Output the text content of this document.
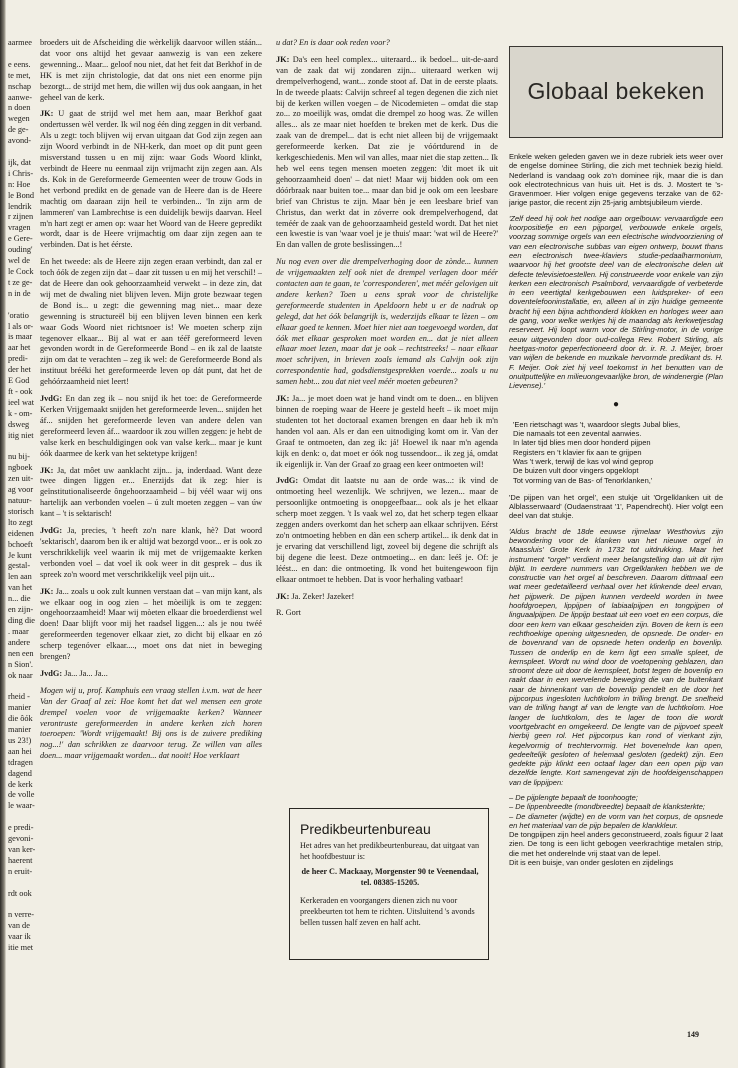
aarmee
e eens.
te met,
nschap
aanwe-
n doen
wegen
de ge-
avond-
ijk, dat
i Chris-
n: Hoe
le Bond
lendrik
r zijnen
vragen
e Gere-
ouding'
wel de
le Cock
t ze ge-
n in de
'oratio
l als or-
is maar
aar het
predi-
der het
E God
ft - ook
ieel wat
k - om-
dsweg
itig niet
nu bij-
ngboek
zen uit-
ag voor
natuur-
storisch
lto zegt
eidenen
bchoeft
Je kunt
gestal-
len aan
van het
n... die
en zijn-
ding die
. maar
andere
nen een
n Sion'.
ok naar
rheid -
manier
die ôók
manier
us 23!)
aan hei
tdragen
dagend
de kerk
de volle
le waar-
e predi-
gevoni-
van ker-
haerent
n eruit-
rdt ook
n verre-
van de
vaar ik
itie met

broeders uit de Afscheiding die wèrkelijk daarvoor willen stáán... dat voor ons altijd het gevaar aanwezig is van een zekere gewenning... Maar... geloof nou niet, dat het feit dat Berkhof in de HK is met zijn christologie, dat dat ons niet een enorme pijn bezorgt... de strijd met hem, die willen wij dus ook aangaan, in het geheel van de kerk.

JK: U gaat de strijd wel met hem aan, maar Berkhof gaat ondertussen wèl verder. Ik wil nog één ding zeggen in dit verband. Als u zegt: toch blijven wij ervan uitgaan dat God zijn zegen aan zijn Woord verbindt in de NH-kerk, dan moet op dit punt geen misverstand tussen u en mij zijn: waar Gods Woord klinkt, verbindt de Heere nu eenmaal zijn vrijmacht zijn zegen aan. Als ds. Kok in de Gereformeerde Gemeenten weer de trouw Gods in het verbond predikt en de genade van de Heere dan is de Heere machtig om daaraan zijn heil te verbinden... 'In zijn arm de lammeren' van Lambrechtse is een duidelijk bewijs daarvan. Heel m'n hart zegt er amen op: waar het Woord van de Heere gepredikt wordt, daar is de Heere vrijmachtig om daar zijn zegen aan te verbinden. Dat is het éérste.

En het tweede: als de Heere zijn zegen eraan verbindt, dan zal er toch óók de zegen zijn dat – daar zit tussen u en mij het verschil! – dat de Heere dan ook gehoorzaamheid verwekt – in deze zin, dat wij met de dwaling niet blijven leven. Mijn grote bezwaar tegen de Bond is... u zegt: die gewenning mag niet... maar deze gewenning is structureël bij een blijven leven binnen een kerk waar Gods Woord niet richtsnoer is! We moeten scherp zijn tegenover elkaar... Bij al wat er aan tééř gereformeerd leven gevonden wordt in de Gereformeerde Bond – en ik zal de laatste zijn om dat te verachten – zeg ik wel: de Gereformeerde Bond als instituut brééki het gereformeerde leven op dát punt, dat het de gehóórzaamheid niet leert!

JvdG: En dan zeg ik – nou snijd ik het toe: de Gereformeerde Kerken Vrijgemaakt snijden het gereformeerde leven... snijden het áf... snijden het gereformeerde leven van andere delen van gereformeerd leven áf... waardoor ik zou willen zeggen: je hebt de valse kerk en beschuldigingen ook van valse kerk... maar je kunt óók daarmee de kerk van het sektetype krijgen!

JK: Ja, dat môet uw aanklacht zijn... ja, inderdaad. Want deze twee dingen liggen er... Enerzijds dat ik zeg: hier is geïnstitutionaliseerde ôngehoorzaamheid – bij véél waar wij ons hartelijk aan verbonden voelen – ú zult moeten zeggen – van úw kant – 't is sektarisch!

JvdG: Ja, precies, 't heeft zo'n nare klank, hè? Dat woord 'sektarisch', daarom ben ik er altijd wat bezorgd voor... er is ook zo verschrikkelijk veel waarin ik mij met de vrijgemaakte kerken verbonden voel – dat voel ik ook weer in dit gesprek – dus ik spreek zo'n woord met verschrikkelijk veel pijn uit...

JK: Ja... zoals u ook zult kunnen verstaan dat – van mijn kant, als we elkaar oog in oog zien – het mòeilijk is om te zeggen: ongehoorzaamheid! Maar wij mòeten elkaar die broederdienst wel doen! Daar blijft voor mij het raadsel liggen...: als je nou twéé gereformeerden tegenover elkaar ziet, zo dicht bij elkaar en zó scherp tegenóver elkaar...., moet ons dat niet in beweging brengen?

JvdG: Ja... Ja... Ja...

Mogen wij u, prof. Kamphuis een vraag stellen i.v.m. wat de heer Van der Graaf al zei: Hoe komt het dat wel mensen een grote drempel voelen voor de vrijgemaakte kerken? Wanneer verontruste gereformeerden in andere kerken zich horen toeroepen: 'Wordt vrijgemaakt! Bij ons is de zuivere prediking nog...!' dan schrikken ze daarvoor terug. Ze willen van alles doen... maar vrijgemaakt worden... dat nooit! Hoe verklaart

u dat? En is daar ook reden voor?

JK: Da's een heel complex... uiteraard... ik bedoel... uit-de-aard van de zaak dat wij zondaren zijn... uiteraard werken wij drempelverhogend, want... zonde stoot af. Dat in de eerste plaats. In de tweede plaats: Calvijn schreef al tegen degenen die zich niet bij de kerken willen voegen – de Nicodemieten – omdat die stap zo... zo moeilijk was, omdat die drempel zo hoog was. Ze willen alles... als ze maar niet hoefden te breken met de kerk. Dus die zaak van de drempel... dat is echt niet alleen bij de vrijgemaakt gereformeerde kerken. Dat zie je vóórtdurend in de kerkgeschiedenis. Men wil van alles, maar niet die stap zetten... Ik heb wel eens tegen mensen moeten zeggen: 'dit moet ik uit gehoorzaamheid doen' – dat niet! Maar wij bidden ook om een dóórbraak naar buiten toe... maar dan bid je ook om een leesbare brief van Christus te zijn. Maar bèn je een leesbare brief van Christus, dan werkt dat in zóverre ook drempelverhogend, dat teméér de zaak van de gehoorzaamheid gesteld wordt. Dat het niet een kwestie is van 'waar voel je je thuis' maar: 'wat wil de Heere?' En dan vallen de grote beslissingen...!

Nu nog even over die drempelverhoging door de zònde... kunnen de vrijgemaakten zelf ook niet de drempel verlagen door méér contacten aan te gaan, te 'corresponderen', met méér gelovigen uit andere kerken? Toen u eens sprak voor de christelijke gereformeerde studenten in Apeldoorn hebt u er de nadruk op gelegd, dat het óók belangrijk is, wederzijds elkaar te lèzen – om elkaar goed te kennen. Moet hier niet aan toegevoegd worden, dat óók met elkaar gesproken moet worden en... dat je niet alleen elkaar moet lezen, maar dat je ook – rechtstreeks! – naar elkaar moet schrijven, in brieven zoals iemand als Calvijn ook zijn correspondentie had, godsdienstgesprekken voerde... zoals u nu samen hebt... zou dat niet veel méér moeten gebeuren?

JK: Ja... je moet doen wat je hand vindt om te doen... en blijven binnen de roeping waar de Heere je gesteld heeft – ik moet mijn studenten tot het doctoraal examen brengen en daar heb ik m'n handen vol aan. Als er dan een uitnodiging komt om ir. Van der Graaf te ontmoeten, dan zeg ik: já! Hoewel ik naar m'n agenda kijk en denk: o, dat moet er óók nog tussendoor... ik zeg já, omdat ik eigenlijk ir. Van der Graaf zo graag een keer ontmoeten wil!

JvdG: Omdat dit laatste nu aan de orde was...: ik vind de ontmoeting heel wezenlijk. We schrijven, we lezen... maar de persoonlijke ontmoeting is onopgeefbaar... ook als je het elkaar scherp moet zeggen. 't Is vaak wel zo, dat het scherp tegen elkaar zeggen anders overkomt dan het scherp aan elkaar schrijven. Eérst zo'n ontmoeting hebben en dàn een scherp artikel... ik denk dat in je ervaring dat verschillend ligt, zoveel bij degene die schrijft als bij degene die leest. Deze ontmoeting... en dan: leéŝ je. Of: je léést... en dan: die ontmoeting. Ik vond het buitengewoon fijn elkaar ontmoet te hebben. Dat is voor herhaling vatbaar!

JK: Ja. Zeker! Jazeker!

R. Gort

Predikbeurtenbureau

Het adres van het predikbeurtenbureau, dat uitgaat van het hoofdbestuur is:

de heer C. Mackaay, Morgenster 90 te Veenendaal, tel. 08385-15205.

Kerkeraden en voorgangers dienen zich nu voor preekbeurten tot hem te richten. Uitsluitend 's avonds bellen tussen half zeven en half acht.

Globaal bekeken

Enkele weken geleden gaven we in deze rubriek iets weer over de engelse dominee Stirling, die zich met techniek bezig hield. Nederland is vandaag ook zo'n dominee rijk, maar die is dan ook electrotechnicus van huis uit. Het is ds. J. Mostert te 's-Gravenmoer. Hier volgen enige gegevens terzake van de 62-jarige pastor, die recent zijn 25-jarig ambtsjubileum vierde.

'Zelf deed hij ook het nodige aan orgelbouw: vervaardigde een koorpositiefje en een pijporgel, verbouwde enkele orgels, voorzag sommige orgels van een electrische windvoorziening of van een electronische subbas van eigen ontwerp, bouwt thans een electronisch twee-klaviers studie-pedaalharmonium, waarvoor hij het grootste deel van de electronische delen uit defecte televisietoestellen. Hij construeerde voor enkele van zijn kerken een electronisch Psalmbord, vervaardigde of verbeterde in een veertigtal kerkgebouwen een luidspreker- of een doventelefooninstallatie, en, alleen al in zijn huidige gemeente bracht hij een bijna achthonderd klokken en horloges weer aan de gang, voor welke werkjes hij de maandag als kerkwetjesdag reserveert. Hij loopt warm voor de Stirling-motor, in de vorige eeuw uitgevonden door oud-collega Rev. Robert Stirling, als heetgas-motor geperfectioneerd door dr. ir. R. J. Meijer, broer van wijlen de bekende en muzikale hervormde predikant ds. H. F. Meijer. Ook ziet hij veel toekomst in het benutten van de onuitputtelijke en milieuongevaarlijke bron, de windenergie (Plan Lievense).'

●
'Een rietschagt was 't, waardoor slegts Jubal blies,
Die namaals tot een zevental aanwies.
In later tijd blies men door honderd pijpen
Registers en 't klavier fix aan te grijpen
Was 't werk, terwijl de kas vol wind geprop
De buizen vult door vingers opgeklopt
Tot vorming van de Bas- of Tenorklanken,'

'De pijpen van het orgel', een stukje uit 'Orgelklanken uit de Alblasserwaard' (Oudaenstraat '1', Papendrecht). Hier volgt een deel van dat stukje.

'Aldus bracht de 18de eeuwse rijmelaar Westhovius zijn bewondering voor de klanken van het nieuwe orgel in Maassluis' Grote Kerk in 1732 tot uitdrukking. Maar het instrument "orgel" verdient meer belangstelling dan uit dit rijm blijkt. In eerdere nummers van Orgelklanken hebben we de constructie van het orgel al beschreven. Daarom dittmaal een wat meer gedetailleerd verhaal over het klinkende deel ervan, het pijpwerk. De pijpen kunnen verdeeld worden in twee hoofdgroepen, lippijpen of labiaalpijpen en tongpijpen of linguaalpijpen. De lippijp bestaat uit een voet en een corpus, die door een kern van elkaar gescheiden zijn. Boven de kern is een rechthoekige opening uitgesneden, de opsnede. De onder- en de bovenrand van de opsnede heten onderlip en bovenlip. Tussen de onderlip en de kern ligt een smalle spleet, de kernspleet. Wordt nu wind door de voetopening geblazen, dan stroomt deze uit door de kernspleet, botst tegen de bovenlip en raakt daar in een wervelende beweging die van de buitenkant naar de binnenkant van de bovenlip pendelt en de door het pijpcorpus ingesloten luchtkolom in trilling brengt. De snelheid van de trilling hangt af van de lengte van de luchtkolom. Hoe langer de luchtkolom, des te lager de toon die wordt voortgebracht en omgekeerd. De lengte van de pijpvoet speelt hierbij geen rol. Het pijpcorpus kan rond of vierkant zijn, kegelvormig of trechtervormig. Het bovenelnde kan open, gedeeltelijk gesloten of helemaal gesloten (gedekt) zijn. Een gedekte pijp klinkt een octaaf lager dan een open pijp van dezelfde lengte. Kort samengevat zijn de hoofdeigenschappen van de lippijpen:

– De pijplengte bepaalt de toonhoogte;

– De lippenbreedte (mondbreedte) bepaalt de klanksterkte;

– De diameter (wijdte) en de vorm van het corpus, de opsnede en het materiaal van de pijp bepalen de klankkleur.

De tongpijpen zijn heel anders geconstrueerd, zoals figuur 2 laat zien. De tong is een licht gebogen veerkrachtige metalen strip, die met het onderelnde vrij staat van de lepel.

Dit is een buisje, van onder gesloten en zijdelings

149
